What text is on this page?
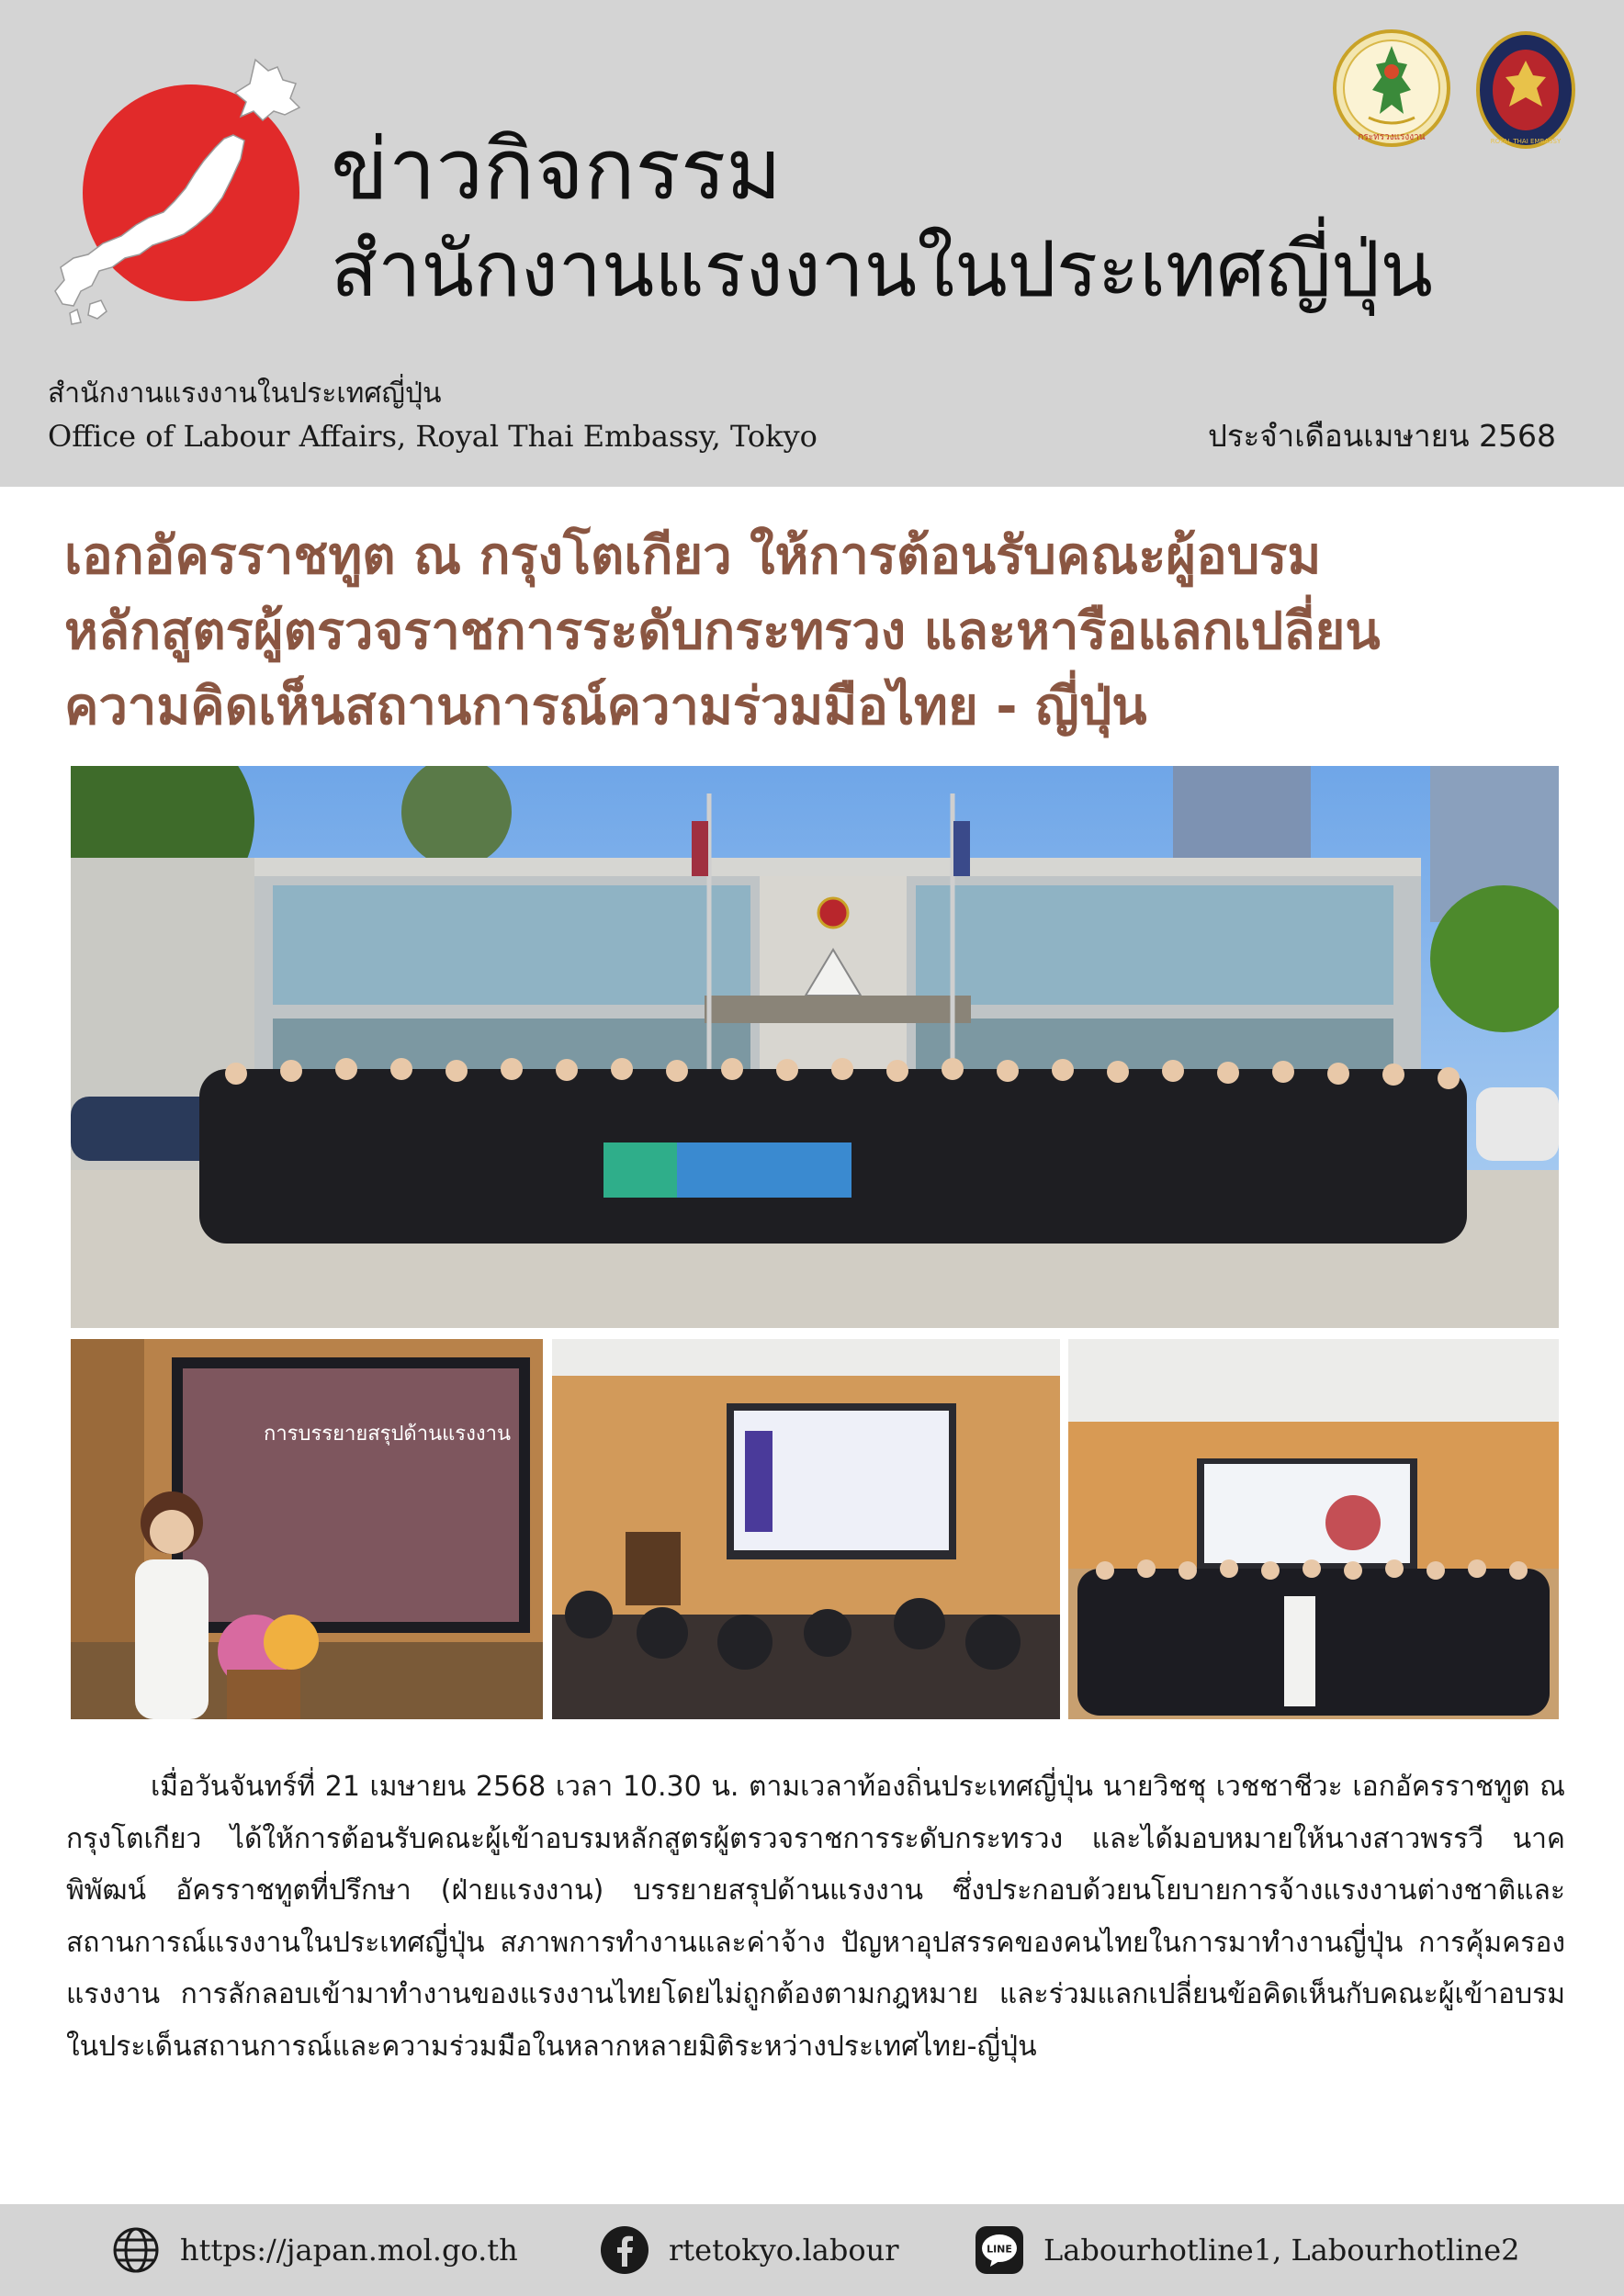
ข่าวกิจกรรม
สำนักงานแรงงานในประเทศญี่ปุ่น
กระทรวงแรงงาน	ROYAL THAI EMBASSY
สำนักงานแรงงานในประเทศญี่ปุ่น
Office of Labour Affairs, Royal Thai Embassy, Tokyo	ประจำเดือนเมษายน 2568
เอกอัครราชทูต ณ กรุงโตเกียว ให้การต้อนรับคณะผู้อบรม
หลักสูตรผู้ตรวจราชการระดับกระทรวง และหารือแลกเปลี่ยน
ความคิดเห็นสถานการณ์ความร่วมมือไทย - ญี่ปุ่น
การบรรยายสรุปด้านแรงงาน
เมื่อวันจันทร์ที่ 21 เมษายน 2568 เวลา 10.30 น. ตามเวลาท้องถิ่นประเทศญี่ปุ่น นายวิชชุ เวชชาชีวะ เอกอัครราชทูต ณ กรุงโตเกียว ได้ให้การต้อนรับคณะผู้เข้าอบรมหลักสูตรผู้ตรวจราชการระดับกระทรวง และได้มอบหมายให้นางสาวพรรวี นาคพิพัฒน์ อัครราชทูตที่ปรึกษา (ฝ่ายแรงงาน) บรรยายสรุปด้านแรงงาน ซึ่งประกอบด้วยนโยบายการจ้างแรงงานต่างชาติและสถานการณ์แรงงานในประเทศญี่ปุ่น สภาพการทำงานและค่าจ้าง ปัญหาอุปสรรคของคนไทยในการมาทำงานญี่ปุ่น การคุ้มครองแรงงาน การลักลอบเข้ามาทำงานของแรงงานไทยโดยไม่ถูกต้องตามกฎหมาย และร่วมแลกเปลี่ยนข้อคิดเห็นกับคณะผู้เข้าอบรมในประเด็นสถานการณ์และความร่วมมือในหลากหลายมิติระหว่างประเทศไทย-ญี่ปุ่น
https://japan.mol.go.th	rtetokyo.labour	LINE Labourhotline1, Labourhotline2
